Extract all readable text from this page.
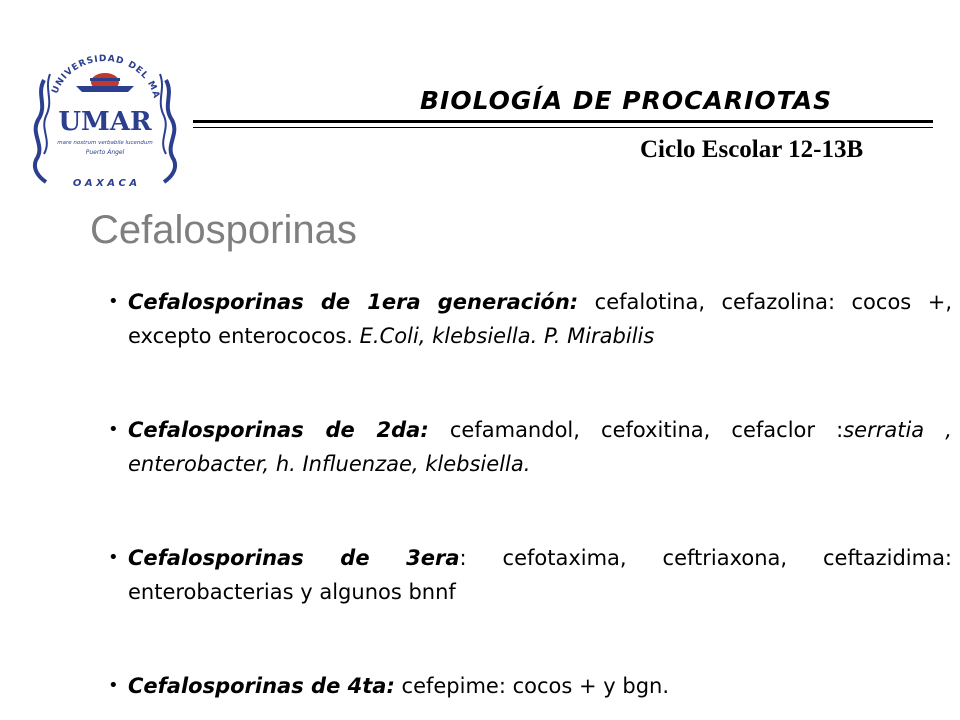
UNIVERSIDAD DEL MA
UMAR
mare nostrum verbabile lucendum
Puerto Ángel
O A X A C A
BIOLOGÍA DE PROCARIOTAS
Ciclo Escolar 12-13B
Cefalosporinas
• Cefalosporinas de 1era generación: cefalotina, cefazolina: cocos +, excepto enterococos. E.Coli, klebsiella. P. Mirabilis
• Cefalosporinas de 2da: cefamandol, cefoxitina, cefaclor :serratia , enterobacter, h. Influenzae, klebsiella.
• Cefalosporinas de 3era: cefotaxima, ceftriaxona, ceftazidima: enterobacterias y algunos bnnf
• Cefalosporinas de 4ta: cefepime: cocos + y bgn.
